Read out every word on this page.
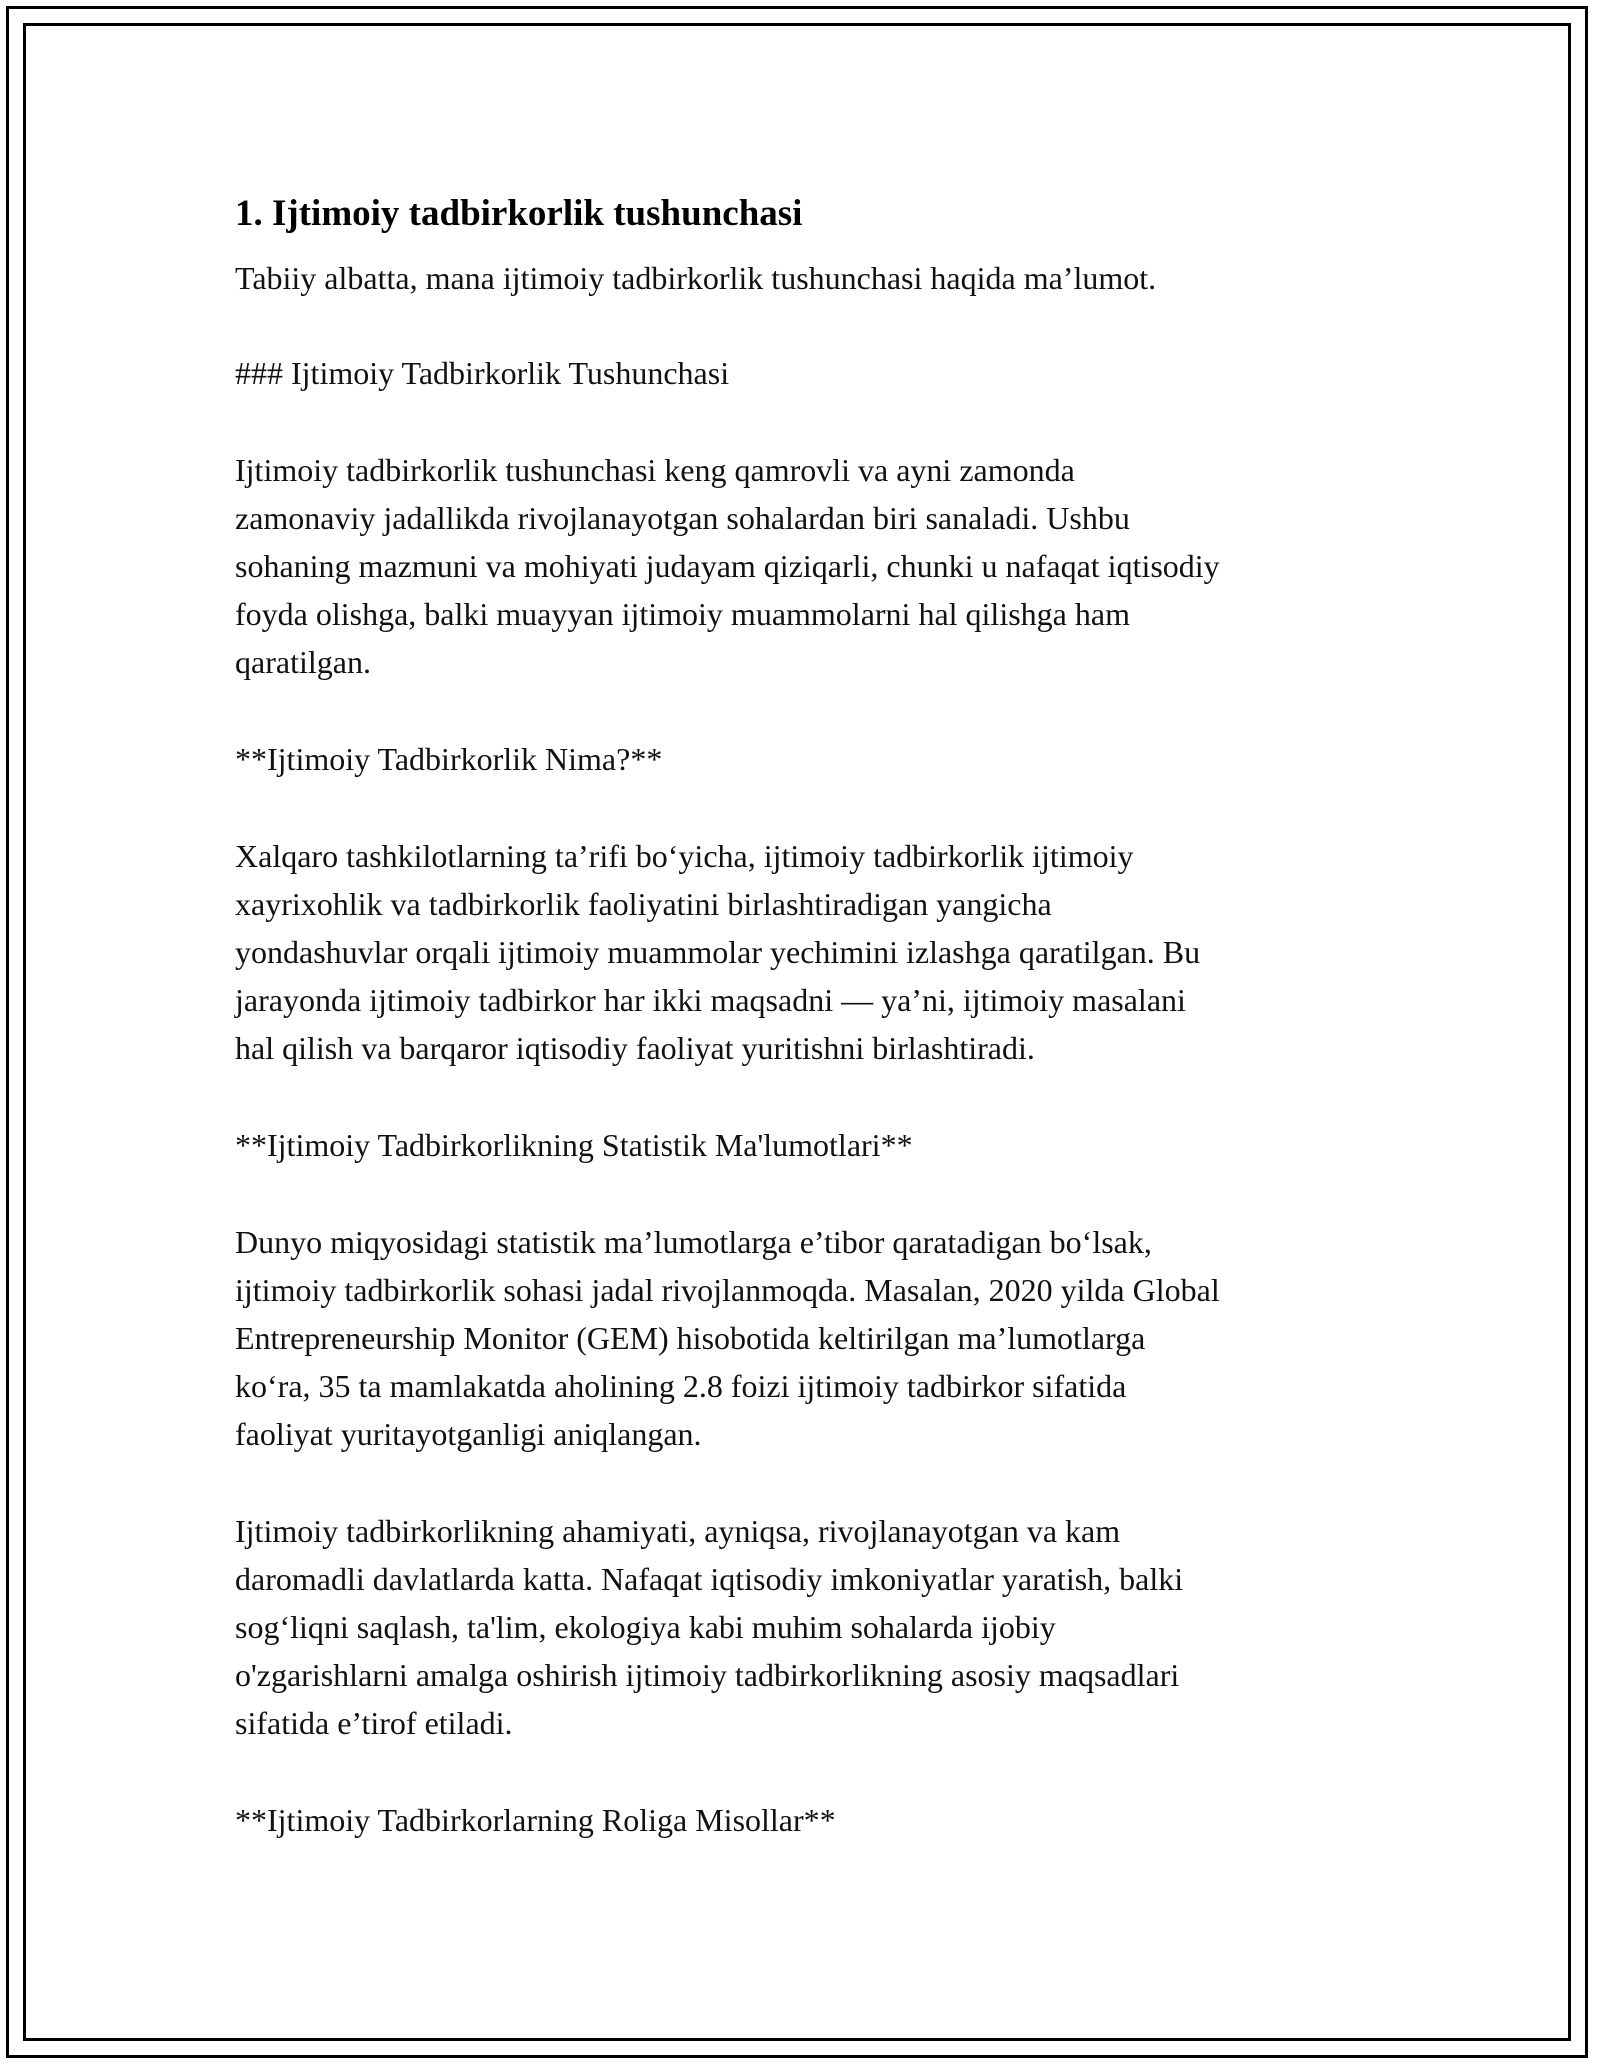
1. Ijtimoiy tadbirkorlik tushunchasi

Tabiiy albatta, mana ijtimoiy tadbirkorlik tushunchasi haqida ma’lumot.

### Ijtimoiy Tadbirkorlik Tushunchasi

Ijtimoiy tadbirkorlik tushunchasi keng qamrovli va ayni zamonda
zamonaviy jadallikda rivojlanayotgan sohalardan biri sanaladi. Ushbu
sohaning mazmuni va mohiyati judayam qiziqarli, chunki u nafaqat iqtisodiy
foyda olishga, balki muayyan ijtimoiy muammolarni hal qilishga ham
qaratilgan.

**Ijtimoiy Tadbirkorlik Nima?**

Xalqaro tashkilotlarning ta’rifi bo‘yicha, ijtimoiy tadbirkorlik ijtimoiy
xayrixohlik va tadbirkorlik faoliyatini birlashtiradigan yangicha
yondashuvlar orqali ijtimoiy muammolar yechimini izlashga qaratilgan. Bu
jarayonda ijtimoiy tadbirkor har ikki maqsadni — ya’ni, ijtimoiy masalani
hal qilish va barqaror iqtisodiy faoliyat yuritishni birlashtiradi.

**Ijtimoiy Tadbirkorlikning Statistik Ma'lumotlari**

Dunyo miqyosidagi statistik ma’lumotlarga e’tibor qaratadigan bo‘lsak,
ijtimoiy tadbirkorlik sohasi jadal rivojlanmoqda. Masalan, 2020 yilda Global
Entrepreneurship Monitor (GEM) hisobotida keltirilgan ma’lumotlarga
ko‘ra, 35 ta mamlakatda aholining 2.8 foizi ijtimoiy tadbirkor sifatida
faoliyat yuritayotganligi aniqlangan.

Ijtimoiy tadbirkorlikning ahamiyati, ayniqsa, rivojlanayotgan va kam
daromadli davlatlarda katta. Nafaqat iqtisodiy imkoniyatlar yaratish, balki
sog‘liqni saqlash, ta'lim, ekologiya kabi muhim sohalarda ijobiy
o'zgarishlarni amalga oshirish ijtimoiy tadbirkorlikning asosiy maqsadlari
sifatida e’tirof etiladi.

**Ijtimoiy Tadbirkorlarning Roliga Misollar**
